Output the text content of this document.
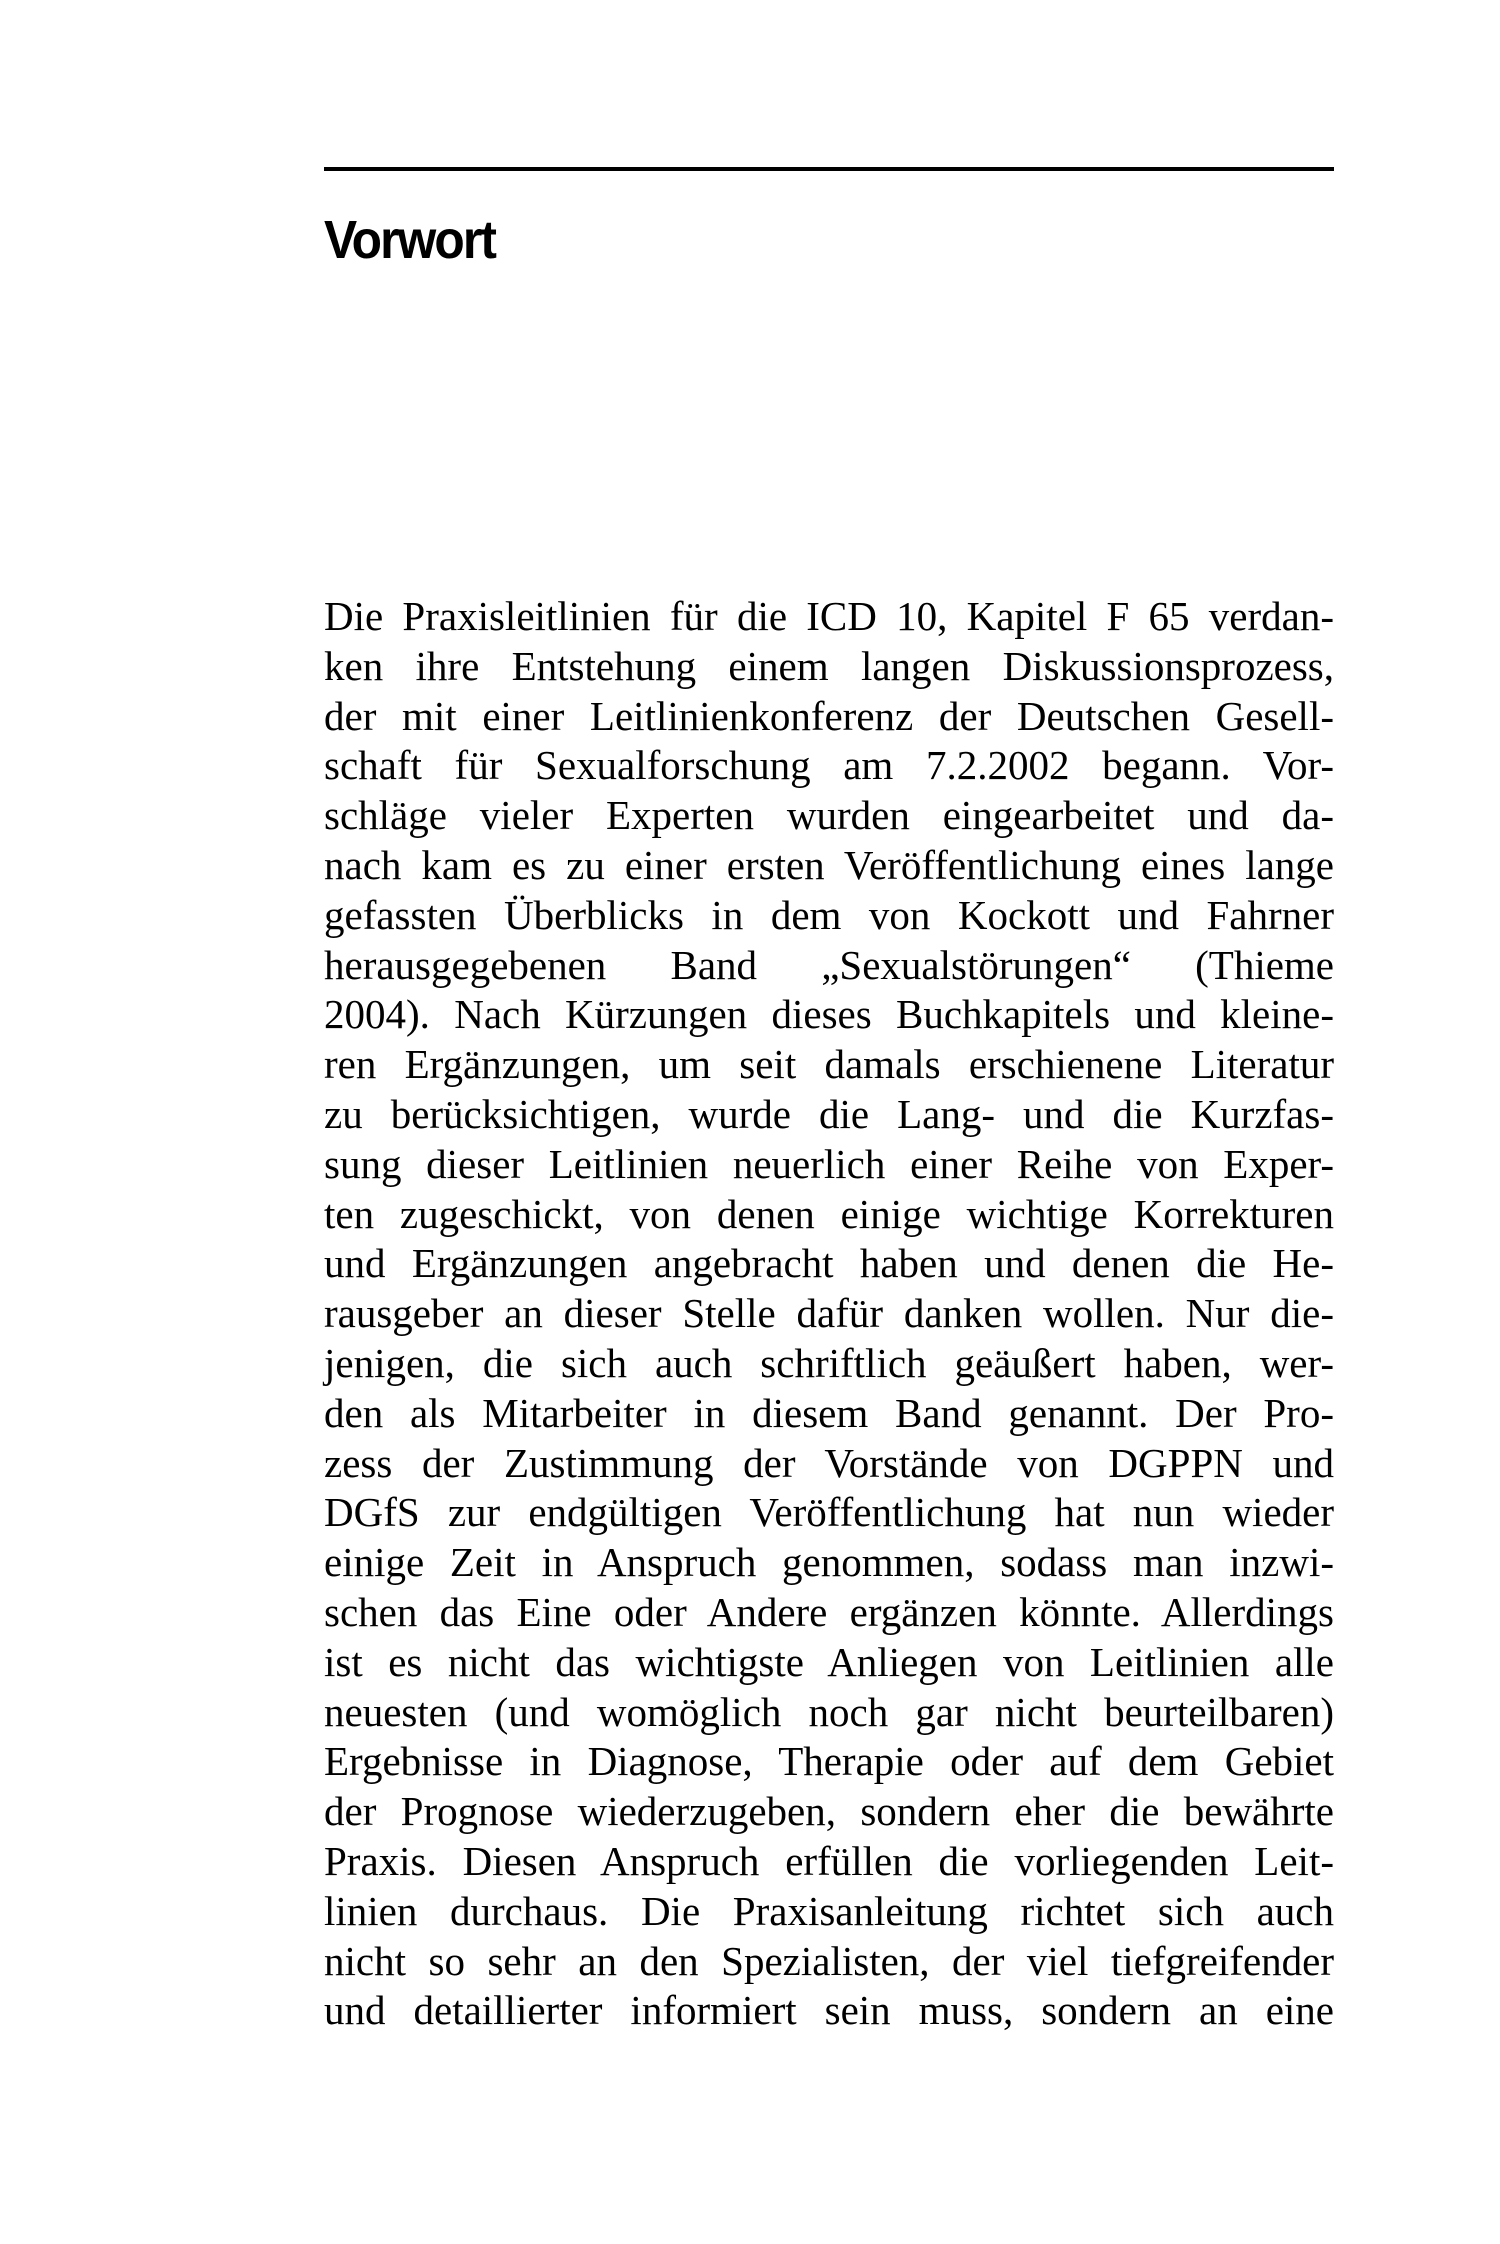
Vorwort
Die Praxisleitlinien für die ICD 10, Kapitel F 65 verdan-
ken ihre Entstehung einem langen Diskussionsprozess,
der mit einer Leitlinienkonferenz der Deutschen Gesell-
schaft für Sexualforschung am 7.2.2002 begann. Vor-
schläge vieler Experten wurden eingearbeitet und da-
nach kam es zu einer ersten Veröffentlichung eines lange
gefassten Überblicks in dem von Kockott und Fahrner
herausgegebenen Band „Sexualstörungen“ (Thieme
2004). Nach Kürzungen dieses Buchkapitels und kleine-
ren Ergänzungen, um seit damals erschienene Literatur
zu berücksichtigen, wurde die Lang- und die Kurzfas-
sung dieser Leitlinien neuerlich einer Reihe von Exper-
ten zugeschickt, von denen einige wichtige Korrekturen
und Ergänzungen angebracht haben und denen die He-
rausgeber an dieser Stelle dafür danken wollen. Nur die-
jenigen, die sich auch schriftlich geäußert haben, wer-
den als Mitarbeiter in diesem Band genannt. Der Pro-
zess der Zustimmung der Vorstände von DGPPN und
DGfS zur endgültigen Veröffentlichung hat nun wieder
einige Zeit in Anspruch genommen, sodass man inzwi-
schen das Eine oder Andere ergänzen könnte. Allerdings
ist es nicht das wichtigste Anliegen von Leitlinien alle
neuesten (und womöglich noch gar nicht beurteilbaren)
Ergebnisse in Diagnose, Therapie oder auf dem Gebiet
der Prognose wiederzugeben, sondern eher die bewährte
Praxis. Diesen Anspruch erfüllen die vorliegenden Leit-
linien durchaus. Die Praxisanleitung richtet sich auch
nicht so sehr an den Spezialisten, der viel tiefgreifender
und detaillierter informiert sein muss, sondern an eine
